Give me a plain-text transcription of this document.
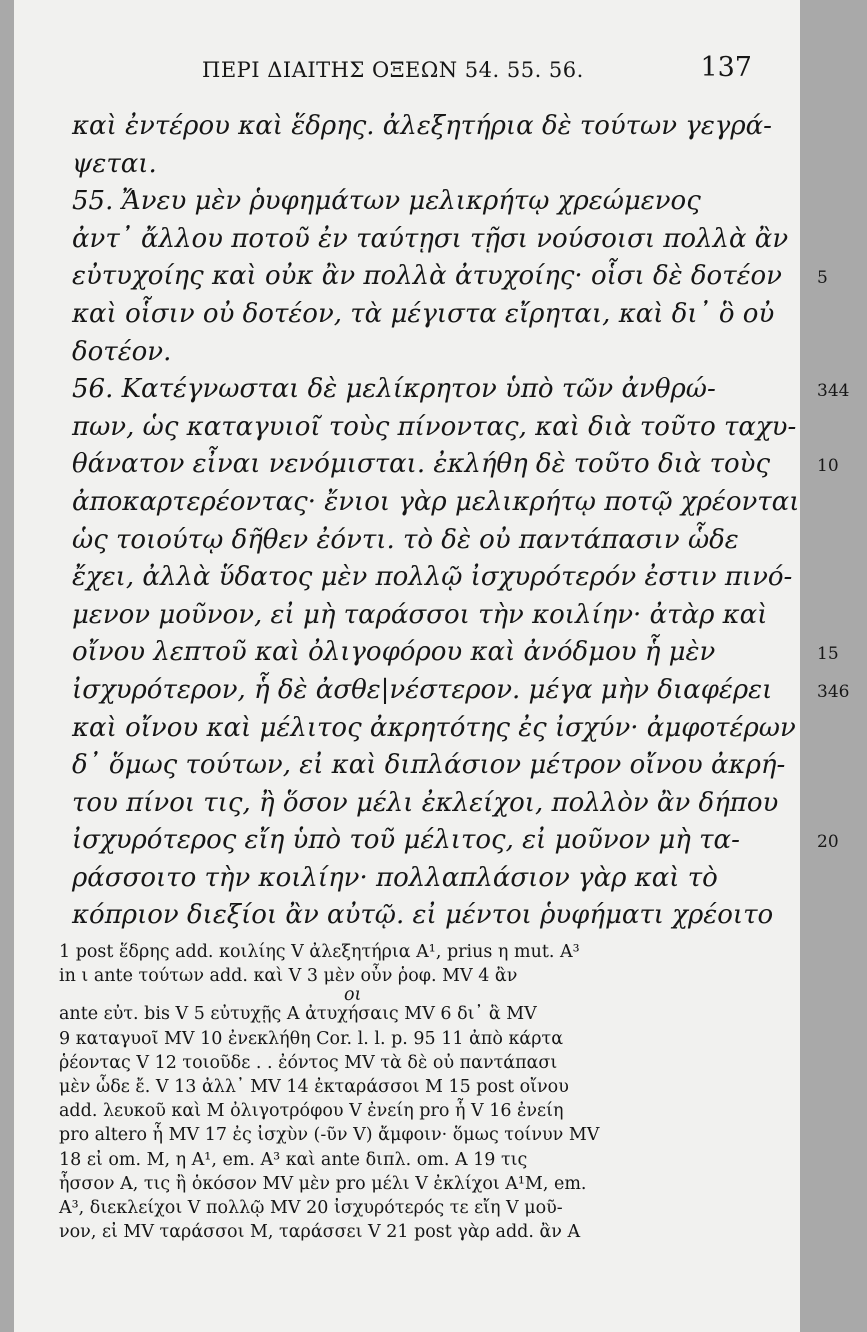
ΠΕΡΙ ΔΙΑΙΤΗΣ ΟΞΕΩΝ 54. 55. 56.	137
καὶ ἐντέρου καὶ ἕδρης. ἀλεξητήρια δὲ τούτων γεγρά-
ψεται.
55. Ἄνευ μὲν ῥυφημάτων μελικρήτῳ χρεώμενος
ἀντ᾽ ἄλλου ποτοῦ ἐν ταύτῃσι τῇσι νούσοισι πολλὰ ἂν
εὐτυχοίης καὶ οὐκ ἂν πολλὰ ἀτυχοίης· οἷσι δὲ δοτέον
καὶ οἷσιν οὐ δοτέον, τὰ μέγιστα εἴρηται, καὶ δι᾽ ὃ οὐ
δοτέον.
56. Κατέγνωσται δὲ μελίκρητον ὑπὸ τῶν ἀνθρώ-
πων, ὡς καταγυιοῖ τοὺς πίνοντας, καὶ διὰ τοῦτο ταχυ-
θάνατον εἶναι νενόμισται. ἐκλήθη δὲ τοῦτο διὰ τοὺς
ἀποκαρτερέοντας· ἔνιοι γὰρ μελικρήτῳ ποτῷ χρέονται
ὡς τοιούτῳ δῆθεν ἐόντι. τὸ δὲ οὐ παντάπασιν ὧδε
ἔχει, ἀλλὰ ὕδατος μὲν πολλῷ ἰσχυρότερόν ἐστιν πινό-
μενον μοῦνον, εἰ μὴ ταράσσοι τὴν κοιλίην· ἀτὰρ καὶ
οἴνου λεπτοῦ καὶ ὀλιγοφόρου καὶ ἀνόδμου ἧ μὲν
ἰσχυρότερον, ἧ δὲ ἀσθε|νέστερον. μέγα μὴν διαφέρει
καὶ οἴνου καὶ μέλιτος ἀκρητότης ἐς ἰσχύν· ἀμφοτέρων
δ᾽ ὅμως τούτων, εἰ καὶ διπλάσιον μέτρον οἴνου ἀκρή-
του πίνοι τις, ἢ ὅσον μέλι ἐκλείχοι, πολλὸν ἂν δήπου
ἰσχυρότερος εἴη ὑπὸ τοῦ μέλιτος, εἰ μοῦνον μὴ τα-
ράσσοιτο τὴν κοιλίην· πολλαπλάσιον γὰρ καὶ τὸ
κόπριον διεξίοι ἂν αὐτῷ. εἰ μέντοι ῥυφήματι χρέοιτο
5
344
10
15
346
20
1 post ἕδρης add. κοιλίης V ἀλεξητήρια A¹, prius η mut. A³
in ι ante τούτων add. καὶ V 3 μὲν οὖν ῥοφ. MV 4 ἂν
οι
ante εὐτ. bis V 5 εὐτυχῇς A ἀτυχήσαις MV 6 δι᾽ ἃ MV
9 καταγυοῖ MV 10 ἐνεκλήθη Cor. l. l. p. 95 11 ἀπὸ κάρτα
ῥέοντας V 12 τοιοῦδε . . ἐόντος MV τὰ δὲ οὐ παντάπασι
μὲν ὧδε ἔ. V 13 ἀλλ᾽ MV 14 ἐκταράσσοι M 15 post οἴνου
add. λευκοῦ καὶ M ὀλιγοτρόφου V ἐνείη pro ἧ V 16 ἐνείη
pro altero ἧ MV 17 ἐς ἰσχὺν (-ῦν V) ἄμφοιν· ὅμως τοίνυν MV
18 εἰ om. M, η A¹, em. A³ καὶ ante διπλ. om. A 19 τις
ἧσσον A, τις ἢ ὁκόσον MV μὲν pro μέλι V ἐκλίχοι A¹M, em.
A³, διεκλείχοι V πολλῷ MV 20 ἰσχυρότερός τε εἴη V μοῦ-
νον, εἰ MV ταράσσοι M, ταράσσει V 21 post γὰρ add. ἂν A
